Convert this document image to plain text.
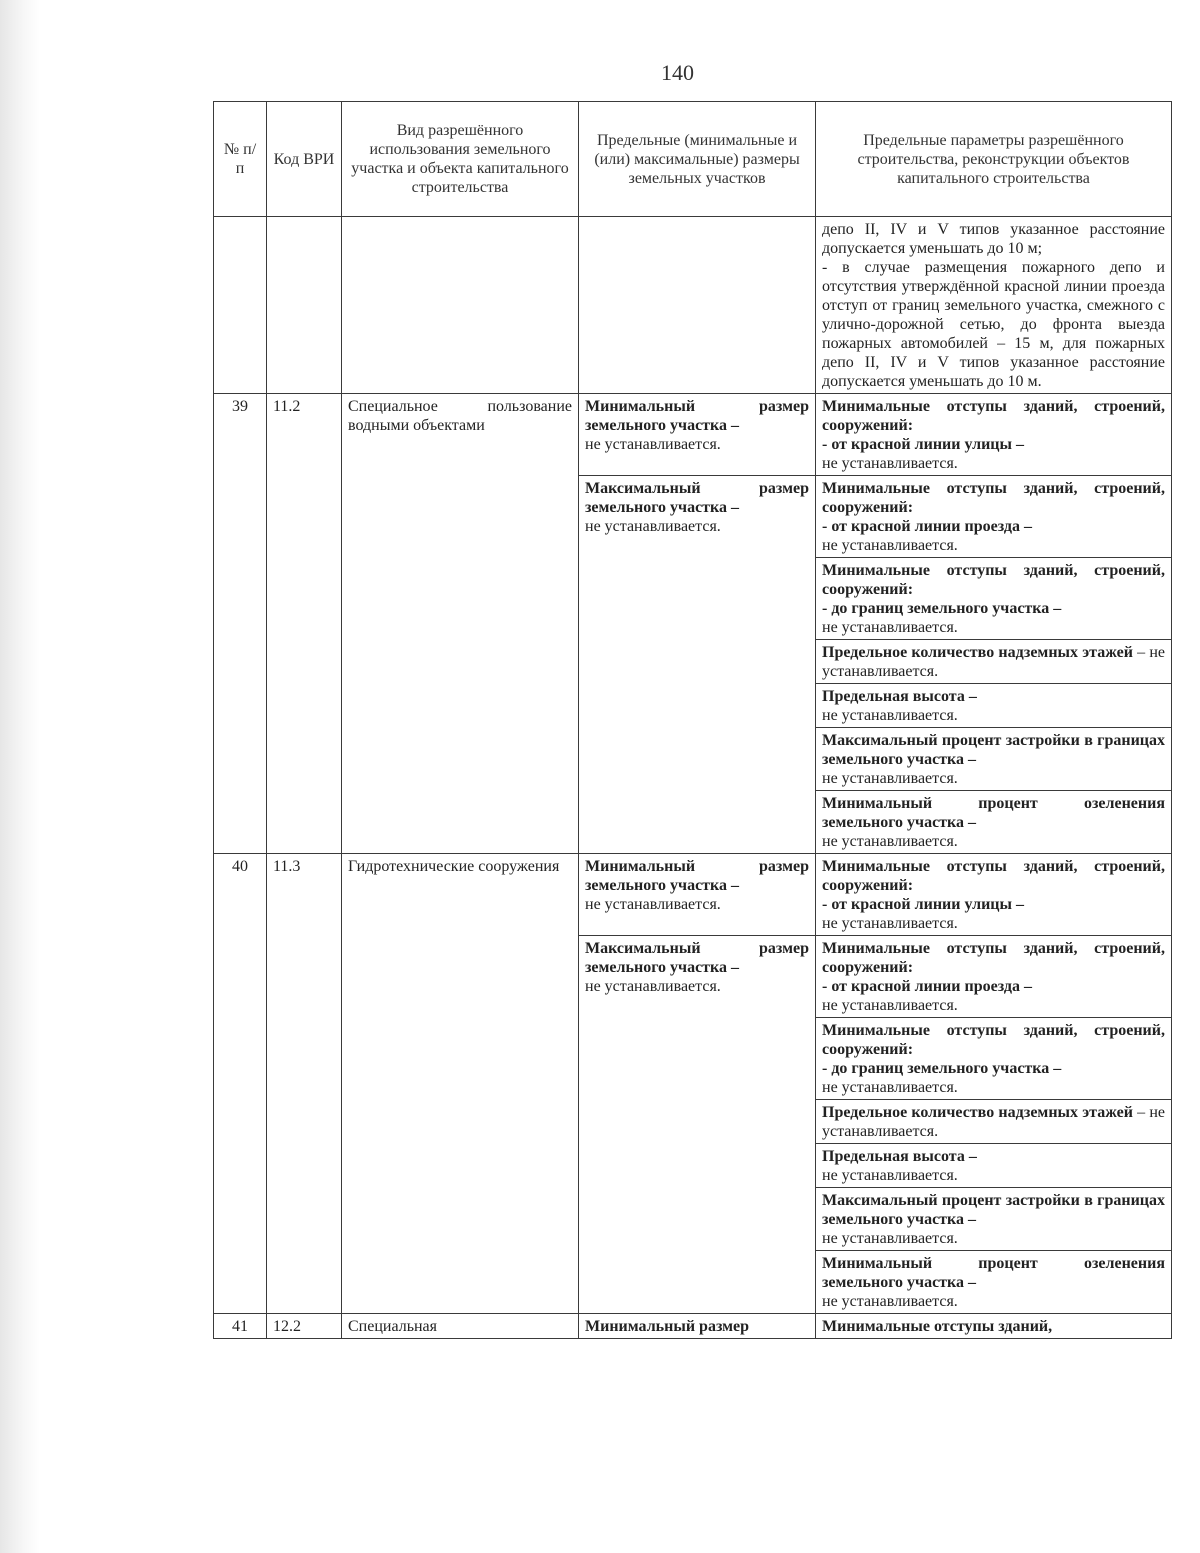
140
№ п/п	Код ВРИ	Вид разрешённого использования земельного участка и объекта капитального строительства	Предельные (минимальные и (или) максимальные) размеры земельных участков	Предельные параметры разрешённого строительства, реконструкции объектов капитального строительства

				депо II, IV и V типов указанное расстояние допускается уменьшать до 10 м;
- в случае размещения пожарного депо и отсутствия утверждённой красной линии проезда отступ от границ земельного участка, смежного с улично-дорожной сетью, до фронта выезда пожарных автомобилей – 15 м, для пожарных депо II, IV и V типов указанное расстояние допускается уменьшать до 10 м.

39	11.2	Специальное пользование водными объектами	Минимальный размер земельного участка –
не устанавливается.	Минимальные отступы зданий, строений, сооружений:
- от красной линии улицы –
не устанавливается.
			Максимальный размер земельного участка –
не устанавливается.	Минимальные отступы зданий, строений, сооружений:
- от красной линии проезда –
не устанавливается.
				Минимальные отступы зданий, строений, сооружений:
- до границ земельного участка –
не устанавливается.
				Предельное количество надземных этажей – не устанавливается.
				Предельная высота –
не устанавливается.
				Максимальный процент застройки в границах земельного участка –
не устанавливается.
				Минимальный процент озеленения земельного участка –
не устанавливается.
40	11.3	Гидротехнические сооружения	Минимальный размер земельного участка –
не устанавливается.	Минимальные отступы зданий, строений, сооружений:
- от красной линии улицы –
не устанавливается.
			Максимальный размер земельного участка –
не устанавливается.	Минимальные отступы зданий, строений, сооружений:
- от красной линии проезда –
не устанавливается.
				Минимальные отступы зданий, строений, сооружений:
- до границ земельного участка –
не устанавливается.
				Предельное количество надземных этажей – не устанавливается.
				Предельная высота –
не устанавливается.
				Максимальный процент застройки в границах земельного участка –
не устанавливается.
				Минимальный процент озеленения земельного участка –
не устанавливается.
41	12.2	Специальная	Минимальный размер	Минимальные отступы зданий,
